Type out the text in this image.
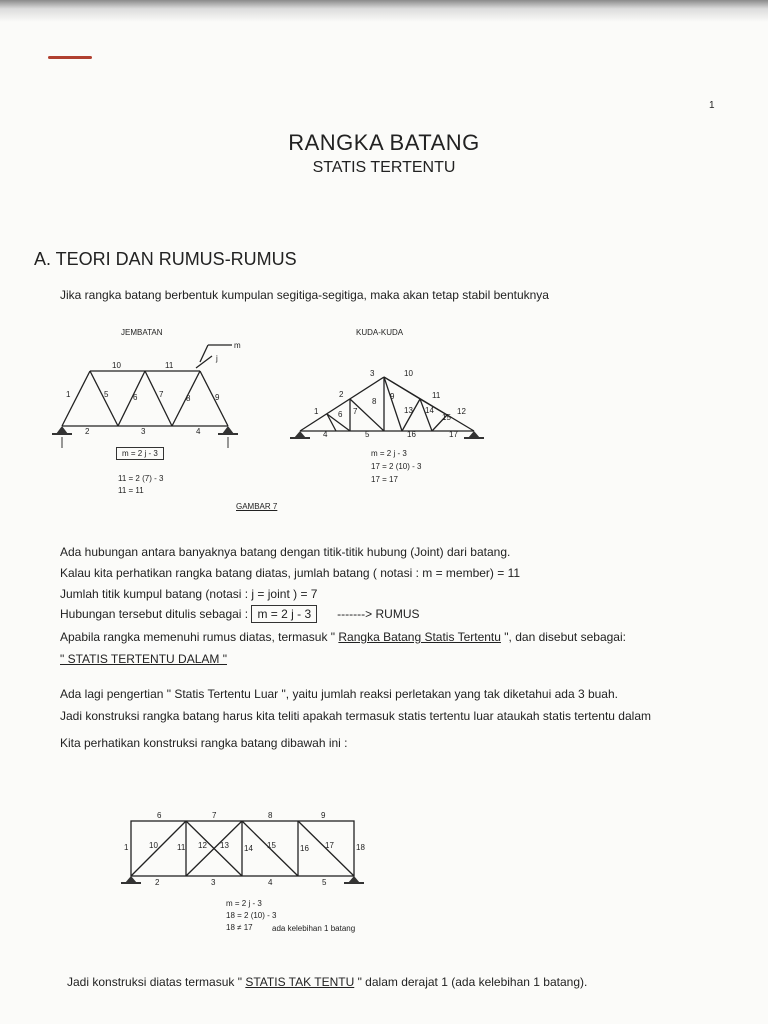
1
RANGKA BATANG
STATIS TERTENTU
A. TEORI DAN RUMUS-RUMUS
Jika rangka batang berbentuk kumpulan segitiga-segitiga, maka akan tetap stabil bentuknya
JEMBATAN	KUDA-KUDA
1
2	3	4
5	6	7	8	9
10	11
m
j
1
2
3
4	5
6 7
8
9
10
11
12
13 14
15
16	17
m = 2 j - 3
11 = 2 (7) - 3
11 = 11
m = 2 j - 3
17 = 2 (10) - 3
17 = 17
GAMBAR 7
Ada hubungan antara banyaknya batang dengan titik-titik hubung (Joint) dari batang.
Kalau kita perhatikan rangka batang diatas, jumlah batang ( notasi : m = member) = 11
Jumlah titik kumpul batang (notasi : j = joint ) = 7
Hubungan tersebut ditulis sebagai : m = 2 j - 3 -------> RUMUS
Apabila rangka memenuhi rumus diatas, termasuk " Rangka Batang Statis Tertentu ", dan disebut sebagai:
" STATIS TERTENTU DALAM "
Ada lagi pengertian " Statis Tertentu Luar ", yaitu jumlah reaksi perletakan yang tak diketahui ada 3 buah.
Jadi konstruksi rangka batang harus kita teliti apakah termasuk statis tertentu luar ataukah statis tertentu dalam
Kita perhatikan konstruksi rangka batang dibawah ini :
1
2	3	4	5
6	7	8	9
10 11 12 13 14 15	16 17	18
m = 2 j - 3
18 = 2 (10) - 3
18 ≠ 17 ada kelebihan 1 batang
Jadi konstruksi diatas termasuk " STATIS TAK TENTU " dalam derajat 1 (ada kelebihan 1 batang).
